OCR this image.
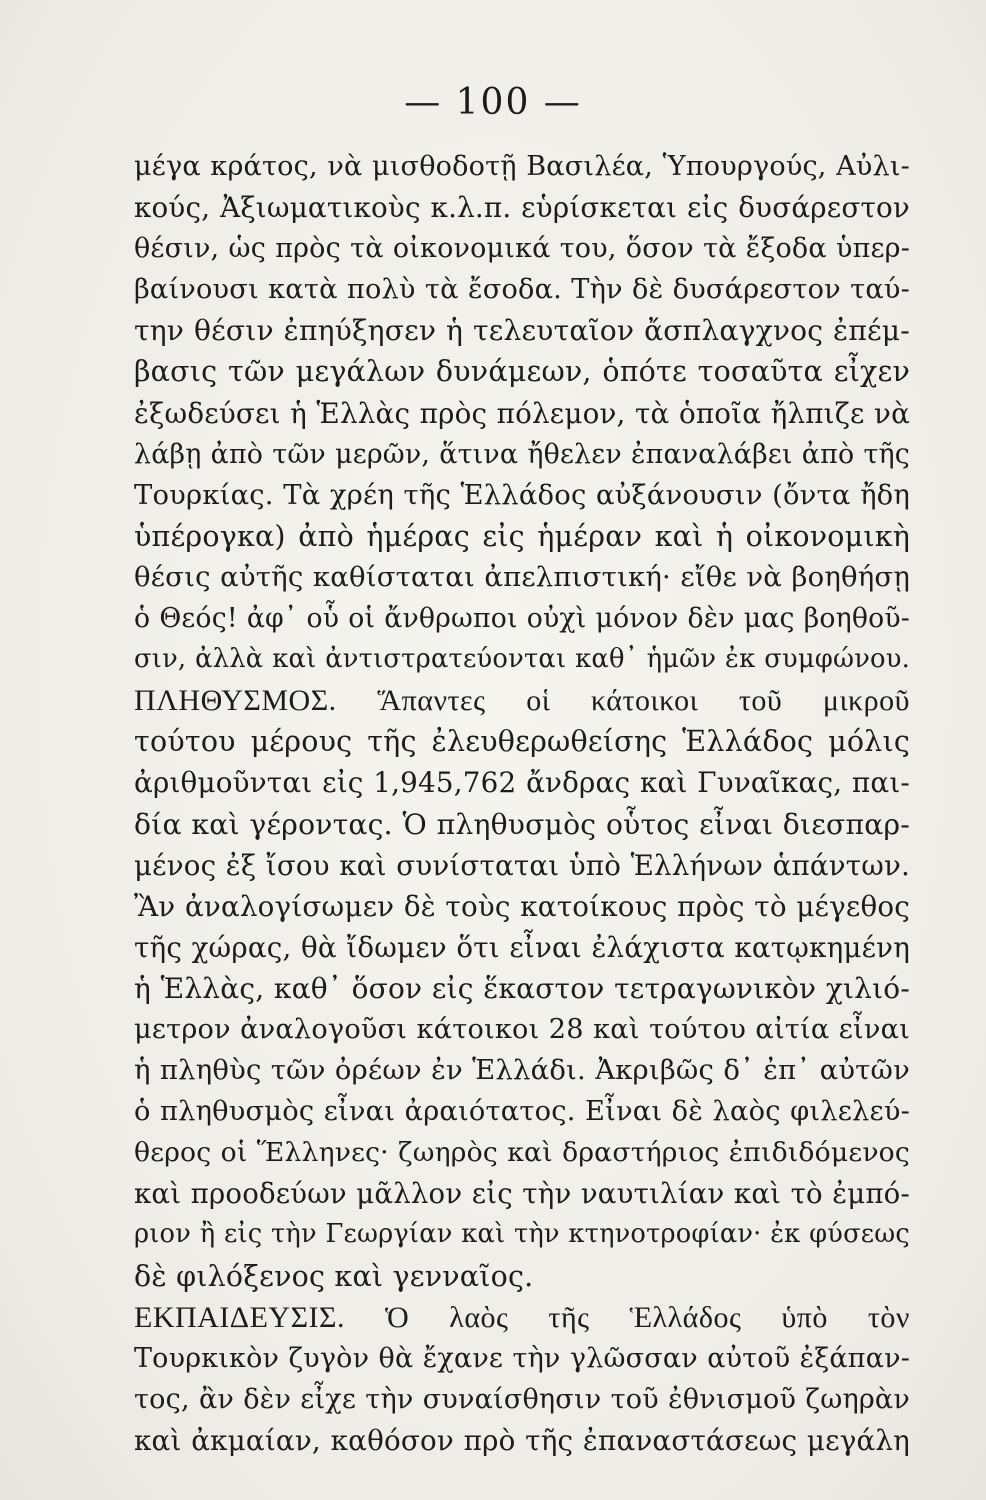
— 100 —
μέγα κράτος, νὰ μισθοδοτῇ Βασιλέα, Ὑπουργούς, Αὐλι-
κούς, Ἀξιωματικοὺς κ.λ.π. εὑρίσκεται εἰς δυσάρεστον
θέσιν, ὡς πρὸς τὰ οἰκονομικά του, ὅσον τὰ ἔξοδα ὑπερ-
βαίνουσι κατὰ πολὺ τὰ ἔσοδα. Τὴν δὲ δυσάρεστον ταύ-
την θέσιν ἐπηύξησεν ἡ τελευταῖον ἄσπλαγχνος ἐπέμ-
βασις τῶν μεγάλων δυνάμεων, ὁπότε τοσαῦτα εἶχεν
ἐξωδεύσει ἡ Ἑλλὰς πρὸς πόλεμον, τὰ ὁποῖα ἤλπιζε νὰ
λάβῃ ἀπὸ τῶν μερῶν, ἅτινα ἤθελεν ἐπαναλάβει ἀπὸ τῆς
Τουρκίας. Τὰ χρέη τῆς Ἑλλάδος αὐξάνουσιν (ὄντα ἤδη
ὑπέρογκα) ἀπὸ ἡμέρας εἰς ἡμέραν καὶ ἡ οἰκονομικὴ
θέσις αὐτῆς καθίσταται ἀπελπιστική· εἴθε νὰ βοηθήσῃ
ὁ Θεός! ἀφ᾽ οὗ οἱ ἄνθρωποι οὐχὶ μόνον δὲν μας βοηθοῦ-
σιν, ἀλλὰ καὶ ἀντιστρατεύονται καθ᾽ ἡμῶν ἐκ συμφώνου.
ΠΛΗΘΥΣΜΟΣ. Ἅπαντες οἱ κάτοικοι τοῦ μικροῦ
τούτου μέρους τῆς ἐλευθερωθείσης Ἑλλάδος μόλις
ἀριθμοῦνται εἰς 1,945,762 ἄνδρας καὶ Γυναῖκας, παι-
δία καὶ γέροντας. Ὁ πληθυσμὸς οὗτος εἶναι διεσπαρ-
μένος ἐξ ἴσου καὶ συνίσταται ὑπὸ Ἑλλήνων ἁπάντων.
Ἂν ἀναλογίσωμεν δὲ τοὺς κατοίκους πρὸς τὸ μέγεθος
τῆς χώρας, θὰ ἴδωμεν ὅτι εἶναι ἐλάχιστα κατῳκημένη
ἡ Ἑλλὰς, καθ᾽ ὅσον εἰς ἕκαστον τετραγωνικὸν χιλιό-
μετρον ἀναλογοῦσι κάτοικοι 28 καὶ τούτου αἰτία εἶναι
ἡ πληθὺς τῶν ὀρέων ἐν Ἑλλάδι. Ἀκριβῶς δ᾽ ἐπ᾽ αὐτῶν
ὁ πληθυσμὸς εἶναι ἀραιότατος. Εἶναι δὲ λαὸς φιλελεύ-
θερος οἱ Ἕλληνες· ζωηρὸς καὶ δραστήριος ἐπιδιδόμενος
καὶ προοδεύων μᾶλλον εἰς τὴν ναυτιλίαν καὶ τὸ ἐμπό-
ριον ἢ εἰς τὴν Γεωργίαν καὶ τὴν κτηνοτροφίαν· ἐκ φύσεως
δὲ φιλόξενος καὶ γενναῖος.
ΕΚΠΑΙΔΕΥΣΙΣ. Ὁ λαὸς τῆς Ἑλλάδος ὑπὸ τὸν
Τουρκικὸν ζυγὸν θὰ ἔχανε τὴν γλῶσσαν αὐτοῦ ἐξάπαν-
τος, ἂν δὲν εἶχε τὴν συναίσθησιν τοῦ ἐθνισμοῦ ζωηρὰν
καὶ ἀκμαίαν, καθόσον πρὸ τῆς ἐπαναστάσεως μεγάλη
